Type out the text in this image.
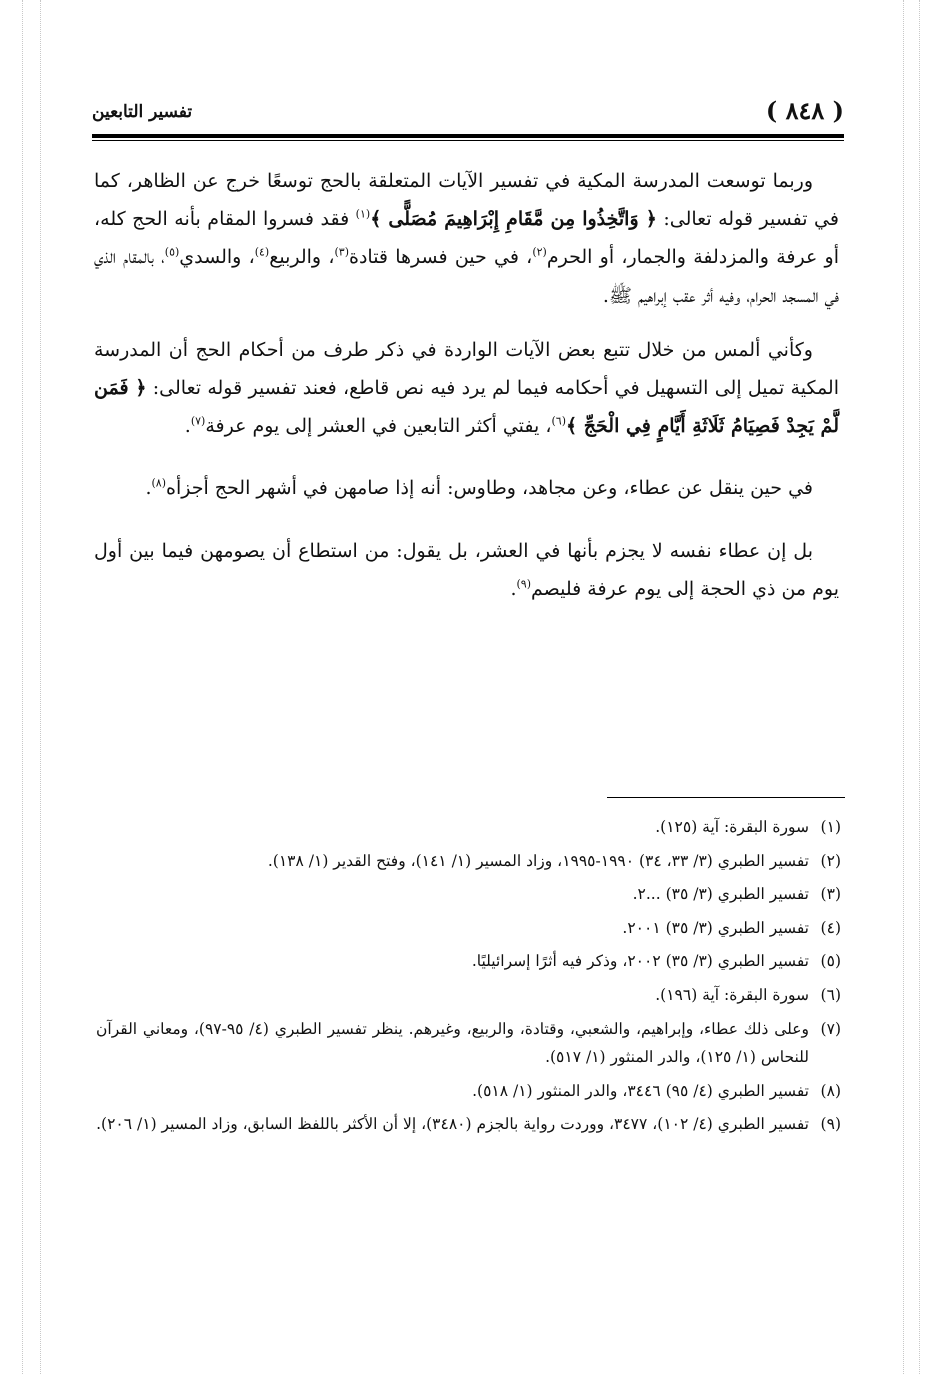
( ٨٤٨ )
تفسير التابعين

وربما توسعت المدرسة المكية في تفسير الآيات المتعلقة بالحج توسعًا خرج عن الظاهر، كما في تفسير قوله تعالى: ﴿ وَاتَّخِذُوا مِن مَّقَامِ إِبْرَاهِيمَ مُصَلًّى ﴾$^{(١)}$ فقد فسروا المقام بأنه الحج كله، أو عرفة والمزدلفة والجمار، أو الحرم$^{(٢)}$، في حين فسرها قتادة$^{(٣)}$، والربيع$^{(٤)}$، والسدي$^{(٥)}$، بالمقام الذي في المسجد الحرام، وفيه أثر عقب إبراهيم ﷺ.

وكأني ألمس من خلال تتبع بعض الآيات الواردة في ذكر طرف من أحكام الحج أن المدرسة المكية تميل إلى التسهيل في أحكامه فيما لم يرد فيه نص قاطع، فعند تفسير قوله تعالى: ﴿ فَمَن لَّمْ يَجِدْ فَصِيَامُ ثَلَاثَةِ أَيَّامٍ فِي الْحَجِّ ﴾$^{(٦)}$، يفتي أكثر التابعين في العشر إلى يوم عرفة$^{(٧)}$.

في حين ينقل عن عطاء، وعن مجاهد، وطاوس: أنه إذا صامهن في أشهر الحج أجزأه$^{(٨)}$.

بل إن عطاء نفسه لا يجزم بأنها في العشر، بل يقول: من استطاع أن يصومهن فيما بين أول يوم من ذي الحجة إلى يوم عرفة فليصم$^{(٩)}$.

(١)
سورة البقرة: آية (١٢٥).
(٢)
تفسير الطبري (٣/ ٣٣، ٣٤) ١٩٩٠-١٩٩٥، وزاد المسير (١/ ١٤١)، وفتح القدير (١/ ١٣٨).
(٣)
تفسير الطبري (٣/ ٣٥) ...٢.
(٤)
تفسير الطبري (٣/ ٣٥) ٢٠٠١.
(٥)
تفسير الطبري (٣/ ٣٥) ٢٠٠٢، وذكر فيه أثرًا إسرائيليًا.
(٦)
سورة البقرة: آية (١٩٦).
(٧)
وعلى ذلك عطاء، وإبراهيم، والشعبي، وقتادة، والربيع، وغيرهم. ينظر تفسير الطبري (٤/ ٩٥-٩٧)، ومعاني القرآن للنحاس (١/ ١٢٥)، والدر المنثور (١/ ٥١٧).
(٨)
تفسير الطبري (٤/ ٩٥) ٣٤٤٦، والدر المنثور (١/ ٥١٨).
(٩)
تفسير الطبري (٤/ ١٠٢)، ٣٤٧٧، ووردت رواية بالجزم (٣٤٨٠)، إلا أن الأكثر باللفظ السابق، وزاد المسير (١/ ٢٠٦).
